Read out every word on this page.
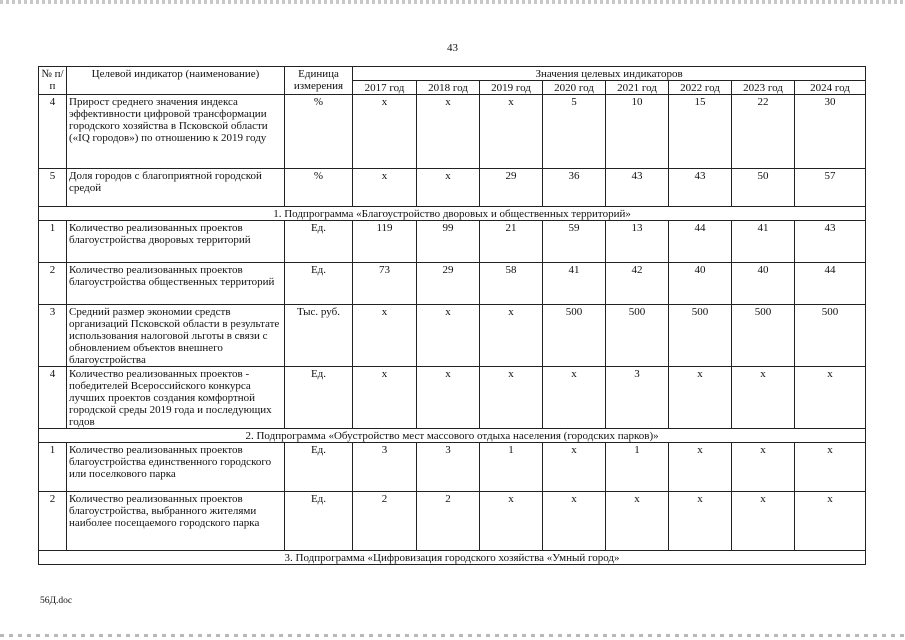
43
№ п/п	Целевой индикатор (наименование)	Единица измерения	Значения целевых индикаторов							
			2017 год	2018 год	2019 год	2020 год	2021 год	2022 год	2023 год	2024 год
4	Прирост среднего значения индекса эффективности цифровой трансформации городского хозяйства в Псковской области («IQ городов») по отношению к 2019 году	%	x	x	x	5	10	15	22	30
5	Доля городов с благоприятной городской средой	%	x	x	29	36	43	43	50	57
1. Подпрограмма «Благоустройство дворовых и общественных территорий»										
1	Количество реализованных проектов благоустройства дворовых территорий	Ед.	119	99	21	59	13	44	41	43
2	Количество реализованных проектов благоустройства общественных территорий	Ед.	73	29	58	41	42	40	40	44
3	Средний размер экономии средств организаций Псковской области в результате использования налоговой льготы в связи с обновлением объектов внешнего благоустройства	Тыс. руб.	x	x	x	500	500	500	500	500
4	Количество реализованных проектов - победителей Всероссийского конкурса лучших проектов создания комфортной городской среды 2019 года и последующих годов	Ед.	x	x	x	x	3	x	x	x
2. Подпрограмма «Обустройство мест массового отдыха населения (городских парков)»										
1	Количество реализованных проектов благоустройства единственного городского или поселкового парка	Ед.	3	3	1	x	1	x	x	x
2	Количество реализованных проектов благоустройства, выбранного жителями наиболее посещаемого городского парка	Ед.	2	2	x	x	x	x	x	x
3. Подпрограмма «Цифровизация городского хозяйства «Умный город»										
56Д.doc
